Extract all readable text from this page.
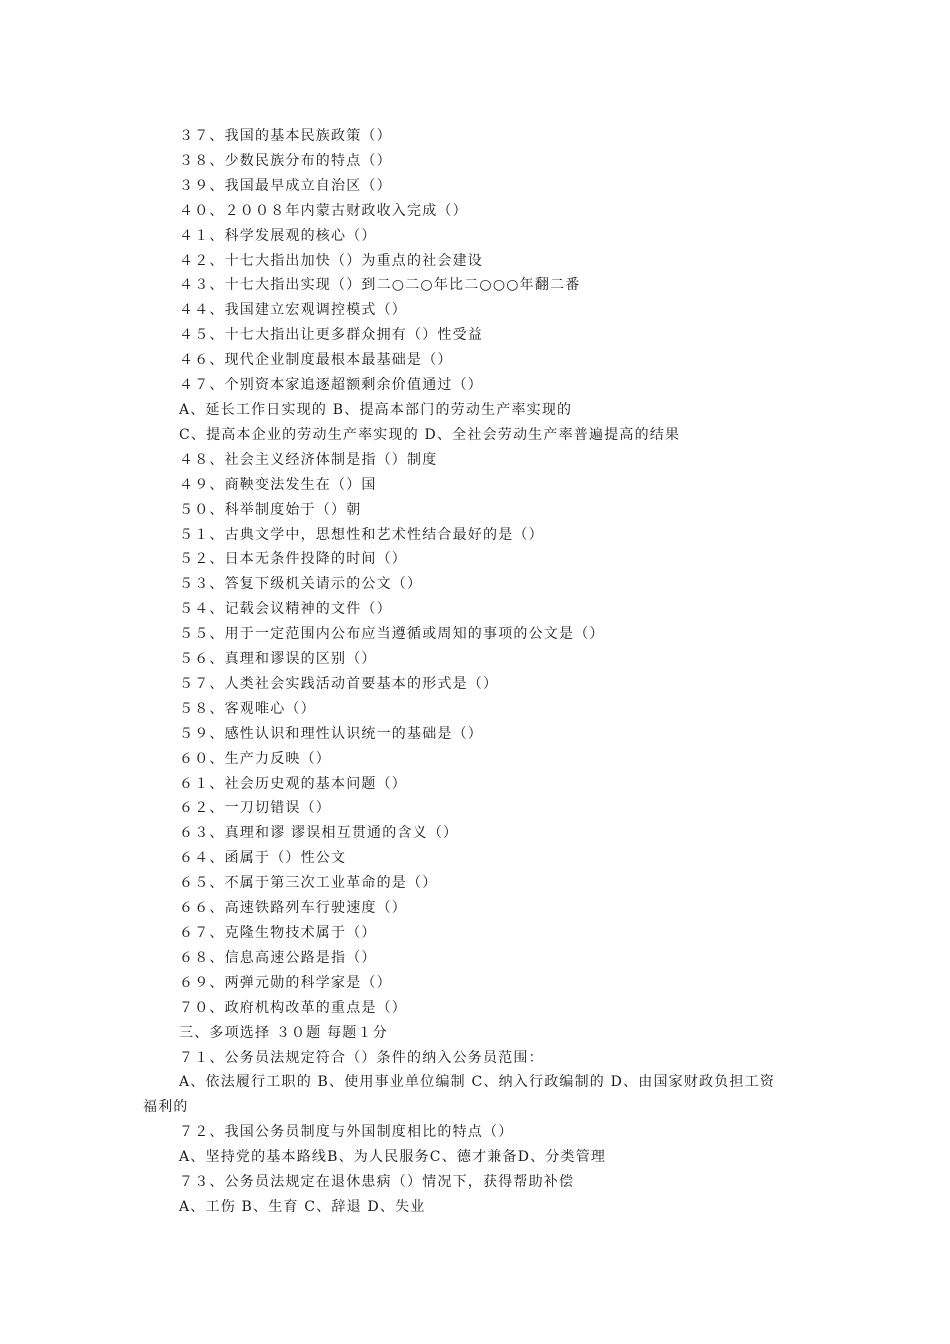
３７、我国的基本民族政策（）
３８、少数民族分布的特点（）
３９、我国最早成立自治区（）
４０、２００８年内蒙古财政收入完成（）
４１、科学发展观的核心（）
４２、十七大指出加快（）为重点的社会建设
４３、十七大指出实现（）到二○二○年比二○○○年翻二番
４４、我国建立宏观调控模式（）
４５、十七大指出让更多群众拥有（）性受益
４６、现代企业制度最根本最基础是（）
４７、个别资本家追逐超额剩余价值通过（）
A、延长工作日实现的 B、提高本部门的劳动生产率实现的
C、提高本企业的劳动生产率实现的 D、全社会劳动生产率普遍提高的结果
４８、社会主义经济体制是指（）制度
４９、商鞅变法发生在（）国
５０、科举制度始于（）朝
５１、古典文学中，思想性和艺术性结合最好的是（）
５２、日本无条件投降的时间（）
５３、答复下级机关请示的公文（）
５４、记载会议精神的文件（）
５５、用于一定范围内公布应当遵循或周知的事项的公文是（）
５６、真理和谬误的区别（）
５７、人类社会实践活动首要基本的形式是（）
５８、客观唯心（）
５９、感性认识和理性认识统一的基础是（）
６０、生产力反映（）
６１、社会历史观的基本问题（）
６２、一刀切错误（）
６３、真理和谬 谬误相互贯通的含义（）
６４、函属于（）性公文
６５、不属于第三次工业革命的是（）
６６、高速铁路列车行驶速度（）
６７、克隆生物技术属于（）
６８、信息高速公路是指（）
６９、两弹元勋的科学家是（）
７０、政府机构改革的重点是（）
三、多项选择 ３０题 每题１分
７１、公务员法规定符合（）条件的纳入公务员范围：
A、依法履行工职的 B、使用事业单位编制 C、纳入行政编制的 D、由国家财政负担工资
福利的
７２、我国公务员制度与外国制度相比的特点（）
A、坚持党的基本路线B、为人民服务C、德才兼备D、分类管理
７３、公务员法规定在退休患病（）情况下，获得帮助补偿
A、工伤 B、生育 C、辞退 D、失业
